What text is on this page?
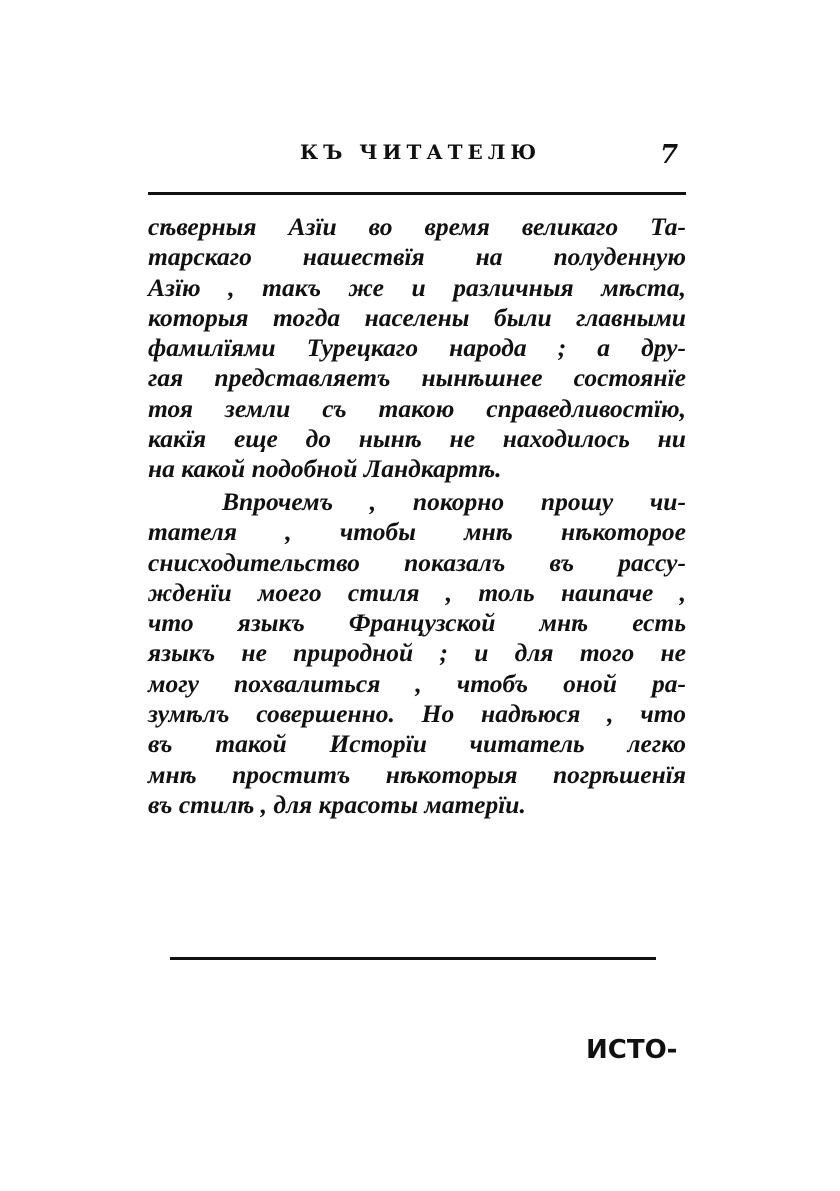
КЪ ЧИТАТЕЛЮ	7
сѣверныя Азїи во время великаго Та-
тарскаго нашествїя на полуденную
Азїю , такъ же и различныя мѣста,
которыя тогда населены были главными
фамилїями Турецкаго народа ; а дру-
гая представляетъ нынѣшнее состоянїе
тоя земли съ такою справедливостїю,
какїя еще до нынѣ не находилось ни
на какой подобной Ландкартѣ.
Впрочемъ , покорно прошу чи-
тателя , чтобы мнѣ нѣкоторое
снисходительство показалъ въ рассу-
жденїи моего стиля , толь наипаче ,
что языкъ Французской мнѣ есть
языкъ не природной ; и для того не
могу похвалиться , чтобъ оной ра-
зумѣлъ совершенно. Но надѣюся , что
въ такой Исторїи читатель легко
мнѣ проститъ нѣкоторыя погрѣшенїя
въ стилѣ , для красоты матерїи.
ИСТО-
